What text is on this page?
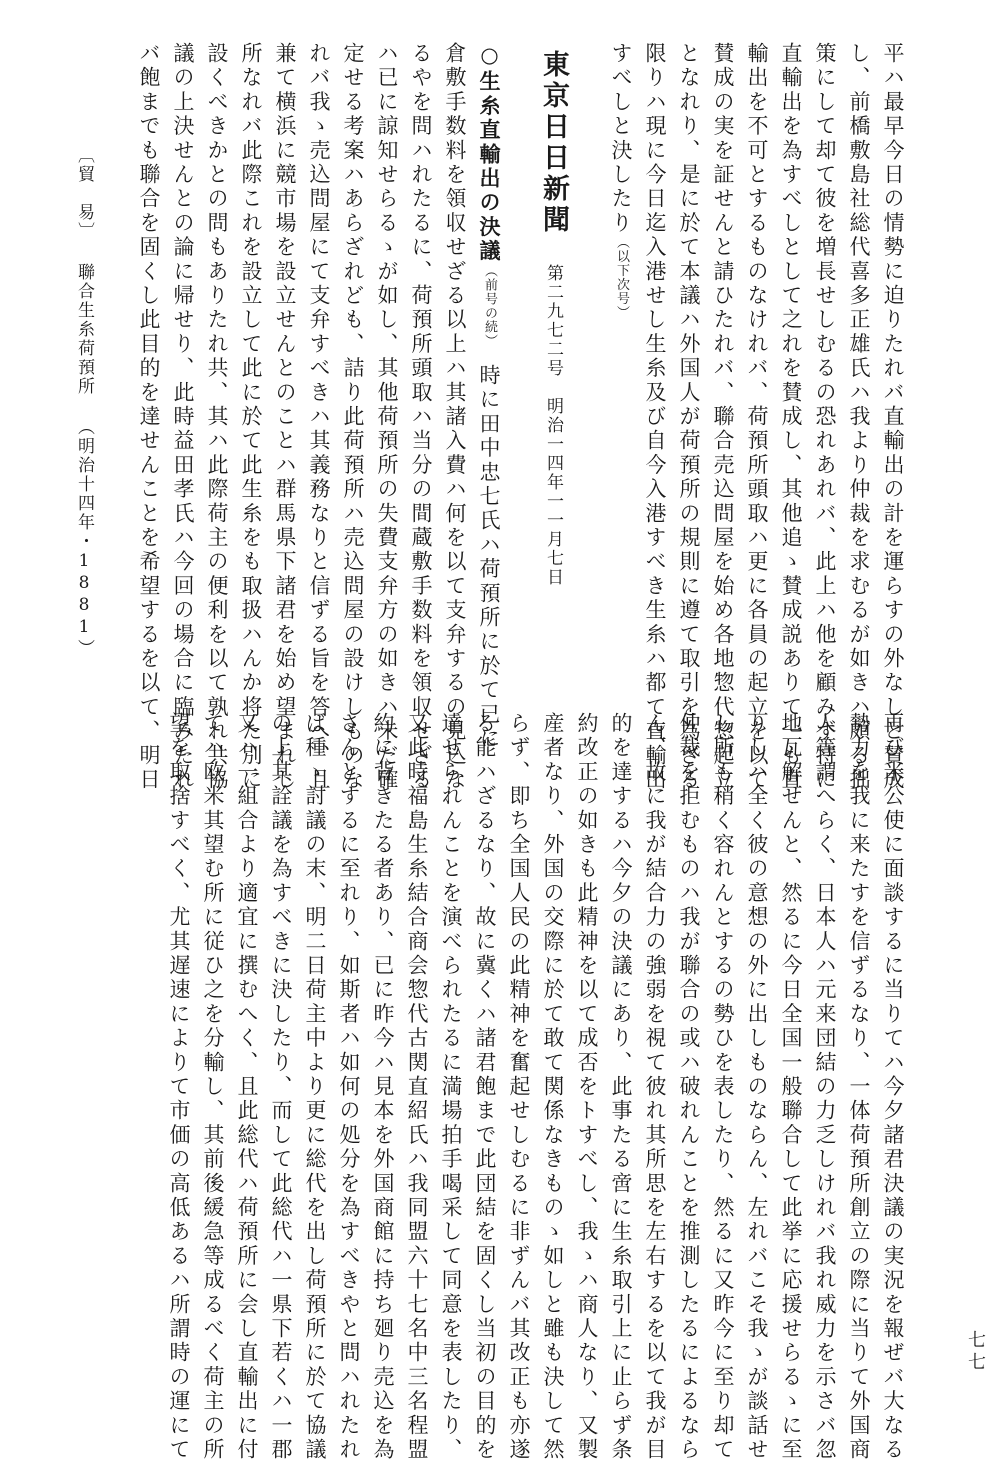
七七
平ハ最早今日の情勢に迫りたれバ直輸出の計を運らすの外なしと賛成
し、前橋敷島社総代喜多正雄氏ハ我より仲裁を求むるが如きハ頗る拙
策にして却て彼を増長せしむるの恐れあれバ、此上ハ他を顧みず特に
直輸出を為すべしとして之れを賛成し、其他追ゝ賛成説ありて一も直
輸出を不可とするものなけれバ、荷預所頭取ハ更に各員の起立を以て
賛成の実を証せんと請ひたれバ、聯合売込問屋を始め各地惣代惣起立
となれり、是に於て本議ハ外国人が荷預所の規則に遵て取引を為ざる
限りハ現に今日迄入港せし生糸及び自今入港すべき生糸ハ都て直輸出
すべしと決したり（以下次号）
東京日日新聞第二九七二号　明治一四年一一月七日
○生糸直輸出の決議（前号の続）時に田中忠七氏ハ荷預所に於て已に
倉敷手数料を領収せざる以上ハ其諸入費ハ何を以て支弁するの見込な
るやを問ハれたるに、荷預所頭取ハ当分の間蔵敷手数料を領収せざる
ハ已に諒知せらるゝが如し、其他荷預所の失費支弁方の如きハ未だ確
定せる考案ハあらざれども、詰り此荷預所ハ売込問屋の設けしものな
れバ我ゝ売込問屋にて支弁すべきハ其義務なりと信ずる旨を答へ、且
兼て横浜に競市場を設立せんとのことハ群馬県下諸君を始め望まれし
所なれバ此際これを設立して此に於て此生糸をも取扱ハんか将た別に
設くべきかとの問もありたれ共、其ハ此際荷主の便利を以て孰れ共協
議の上決せんとの論に帰せり、此時益田孝氏ハ今回の場合に臨みたれ
バ飽までも聯合を固くし此目的を達せんことを希望するを以て、明日
〔貿　易〕聯合生糸荷預所（明治十四年・1881）
再び米公使に面談するに当りてハ今夕諸君決議の実況を報ぜバ大なる
勢力を我に来たすを信ずるなり、一体荷預所創立の際に当りて外国商
人等謂へらく、日本人ハ元来団結の力乏しけれバ我れ威力を示さバ忽
地瓦解せんと、然るに今日全国一般聯合して此挙に応援せらるゝに至
りしハ全く彼の意想の外に出しものならん、左れバこそ我ゝが談話せ
し所も稍く容れんとするの勢ひを表したり、然るに又昨今に至り却て
仲裁を拒むものハ我が聯合の或ハ破れんことを推測したるによるなら
ん、故に我が結合力の強弱を視て彼れ其所思を左右するを以て我が目
的を達するハ今夕の決議にあり、此事たる啻に生糸取引上に止らず条
約改正の如きも此精神を以て成否をトすべし、我ゝハ商人なり、又製
産者なり、外国の交際に於て敢て関係なきものゝ如しと雖も決して然
らず、即ち全国人民の此精神を奮起せしむるに非ずんバ其改正も亦遂
る能ハざるなり、故に冀くハ諸君飽まで此団結を固くし当初の目的を
達せられんことを演べられたるに満場拍手喝采して同意を表したり、
又此時福島生糸結合商会惣代古関直紹氏ハ我同盟六十七名中三名程盟
約に背きたる者あり、已に昨今ハ見本を外国商館に持ち廻り売込を為
さんとするに至れり、如斯者ハ如何の処分を為すべきやと問ハれたれ
ば種ゝ討議の末、明二日荷主中より更に総代を出し荷預所に於て協議
の上其詮議を為すべきに決したり、而して此総代ハ一県下若くハ一郡
又ハ一組合より適宜に撰むへく、且此総代ハ荷預所に会し直輸出に付
てハ欧米其望む所に従ひ之を分輸し、其前後緩急等成るべく荷主の所
望を取捨すべく、尤其遅速によりて市価の高低あるハ所謂時の運にて
